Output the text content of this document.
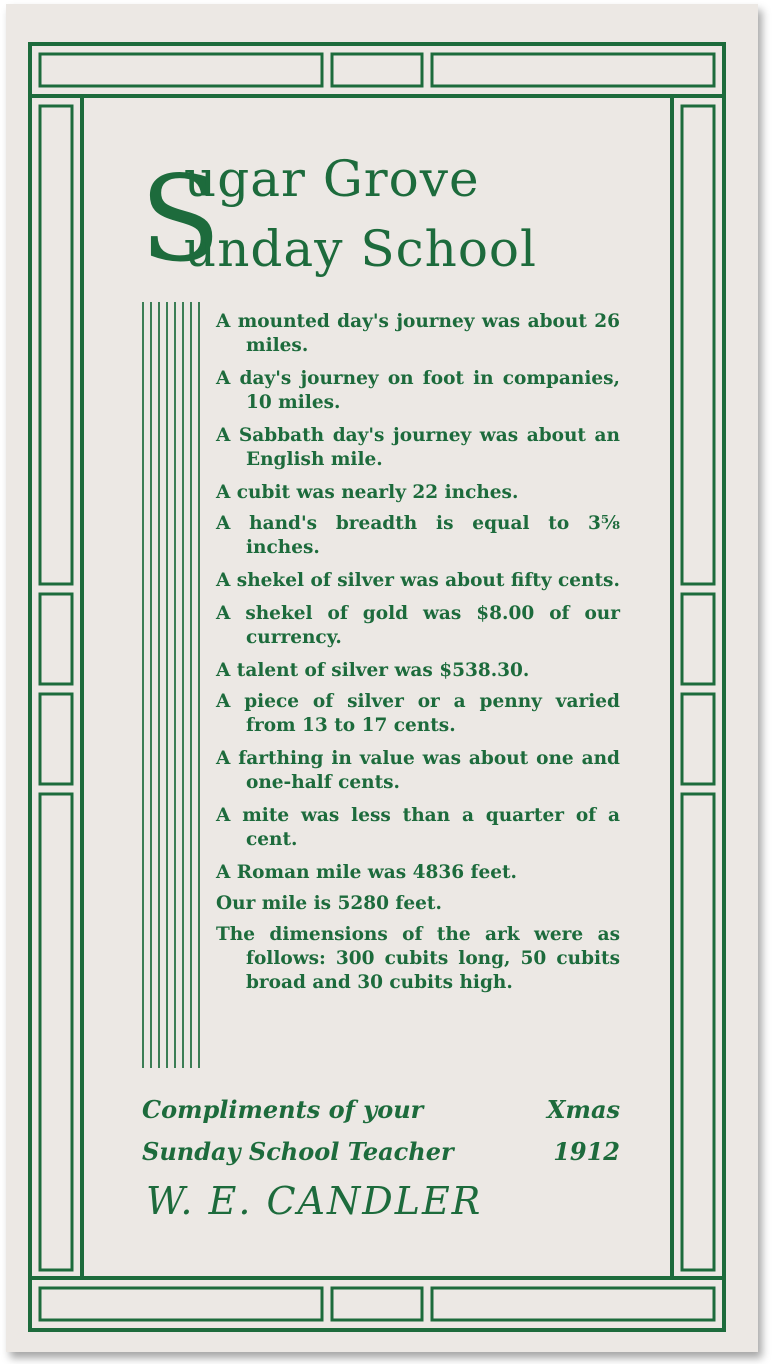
S
ugar Grove
unday School
A mounted day's journey was about 26 miles.
A day's journey on foot in companies, 10 miles.
A Sabbath day's journey was about an English mile.
A cubit was nearly 22 inches.
A hand's breadth is equal to 3⅝ inches.
A shekel of silver was about fifty cents.
A shekel of gold was $8.00 of our currency.
A talent of silver was $538.30.
A piece of silver or a penny varied from 13 to 17 cents.
A farthing in value was about one and one-half cents.
A mite was less than a quarter of a cent.
A Roman mile was 4836 feet.
Our mile is 5280 feet.
The dimensions of the ark were as follows: 300 cubits long, 50 cubits broad and 30 cubits high.
Compliments of your	Xmas
Sunday School Teacher	1912
W. E. CANDLER
